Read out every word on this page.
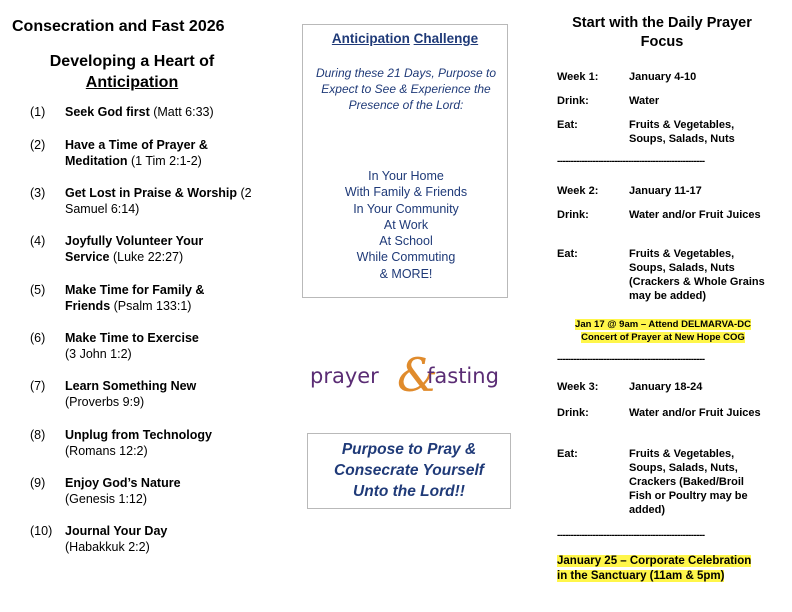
Consecration and Fast 2026
Developing a Heart of
Anticipation
(1) Seek God first (Matt 6:33)
(2) Have a Time of Prayer & Meditation (1 Tim 2:1-2)
(3) Get Lost in Praise & Worship (2 Samuel 6:14)
(4) Joyfully Volunteer Your Service (Luke 22:27)
(5) Make Time for Family & Friends (Psalm 133:1)
(6) Make Time to Exercise
(3 John 1:2)
(7) Learn Something New
(Proverbs 9:9)
(8) Unplug from Technology
(Romans 12:2)
(9) Enjoy God’s Nature
(Genesis 1:12)
(10) Journal Your Day
(Habakkuk 2:2)
Anticipation Challenge
During these 21 Days, Purpose to Expect to See & Experience the Presence of the Lord:
In Your Home
With Family & Friends
In Your Community
At Work
At School
While Commuting
& MORE!
prayer &
fasting
Purpose to Pray &
Consecrate Yourself
Unto the Lord!!
Start with the Daily Prayer Focus
Week 1:	January 4-10
Drink:	Water
Eat:	Fruits & Vegetables, Soups, Salads, Nuts
------------------------------------------------------
Week 2:	January 11-17
Drink:	Water and/or Fruit Juices
Eat:	Fruits & Vegetables, Soups, Salads, Nuts (Crackers & Whole Grains may be added)
Jan 17 @ 9am – Attend DELMARVA-DC
Concert of Prayer at New Hope COG
------------------------------------------------------
Week 3:	January 18-24
Drink:	Water and/or Fruit Juices
Eat:	Fruits & Vegetables, Soups, Salads, Nuts, Crackers (Baked/Broil Fish or Poultry may be added)
------------------------------------------------------
January 25 – Corporate Celebration
in the Sanctuary (11am & 5pm)
